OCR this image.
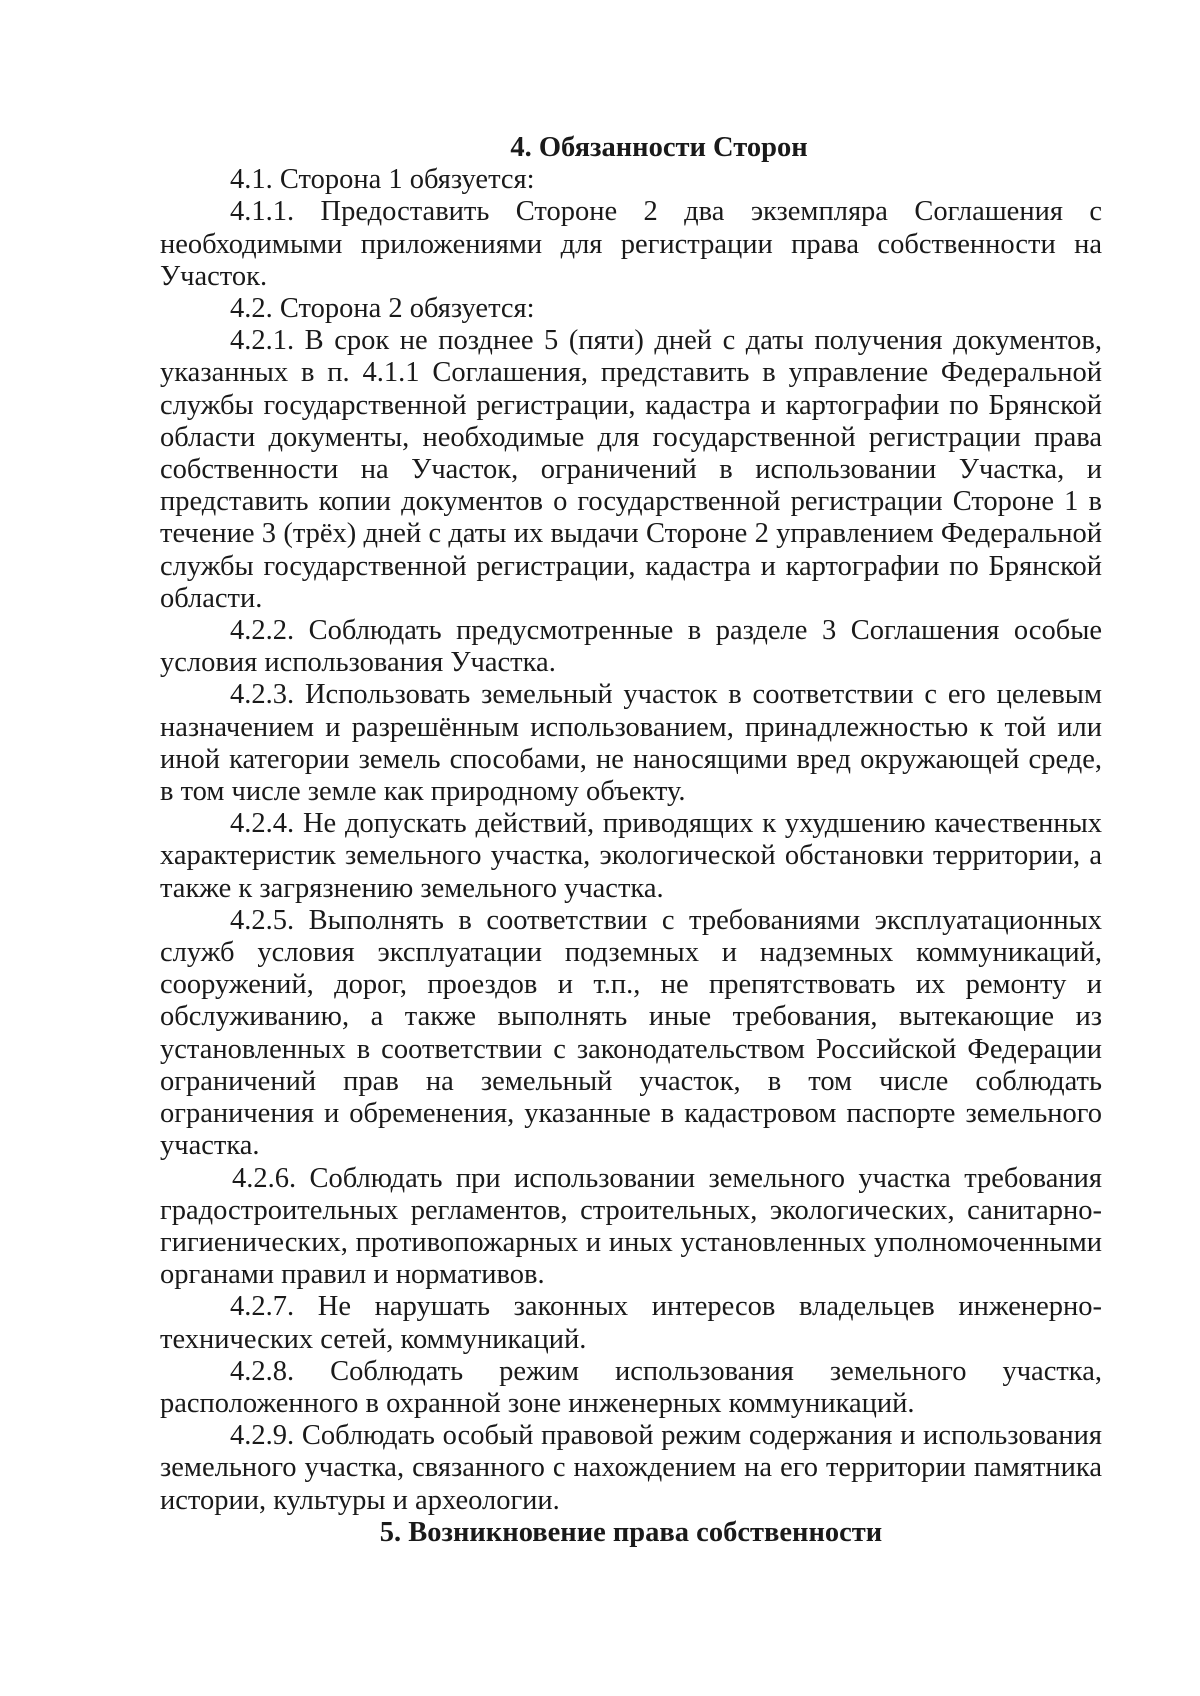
4. Обязанности Сторон

4.1. Сторона 1 обязуется:

4.1.1. Предоставить Стороне 2 два экземпляра Соглашения с необходимыми приложениями для регистрации права собственности на Участок.

4.2. Сторона 2 обязуется:

4.2.1. В срок не позднее 5 (пяти) дней с даты получения документов, указанных в п. 4.1.1 Соглашения, представить в управление Федеральной службы государственной регистрации, кадастра и картографии по Брянской области документы, необходимые для государственной регистрации права собственности на Участок, ограничений в использовании Участка, и представить копии документов о государственной регистрации Стороне 1 в течение 3 (трёх) дней с даты их выдачи Стороне 2 управлением Федеральной службы государственной регистрации, кадастра и картографии по Брянской области.

4.2.2. Соблюдать предусмотренные в разделе 3 Соглашения особые условия использования Участка.

4.2.3. Использовать земельный участок в соответствии с его целевым назначением и разрешённым использованием, принадлежностью к той или иной категории земель способами, не наносящими вред окружающей среде, в том числе земле как природному объекту.

4.2.4. Не допускать действий, приводящих к ухудшению качественных характеристик земельного участка, экологической обстановки территории, а также к загрязнению земельного участка.

4.2.5. Выполнять в соответствии с требованиями эксплуатационных служб условия эксплуатации подземных и надземных коммуникаций, сооружений, дорог, проездов и т.п., не препятствовать их ремонту и обслуживанию, а также выполнять иные требования, вытекающие из установленных в соответствии с законодательством Российской Федерации ограничений прав на земельный участок, в том числе соблюдать ограничения и обременения, указанные в кадастровом паспорте земельного участка.

4.2.6. Соблюдать при использовании земельного участка требования градостроительных регламентов, строительных, экологических, санитарно-гигиенических, противопожарных и иных установленных уполномоченными органами правил и нормативов.

4.2.7. Не нарушать законных интересов владельцев инженерно-технических сетей, коммуникаций.

4.2.8. Соблюдать режим использования земельного участка, расположенного в охранной зоне инженерных коммуникаций.

4.2.9. Соблюдать особый правовой режим содержания и использования земельного участка, связанного с нахождением на его территории памятника истории, культуры и археологии.

5. Возникновение права собственности
